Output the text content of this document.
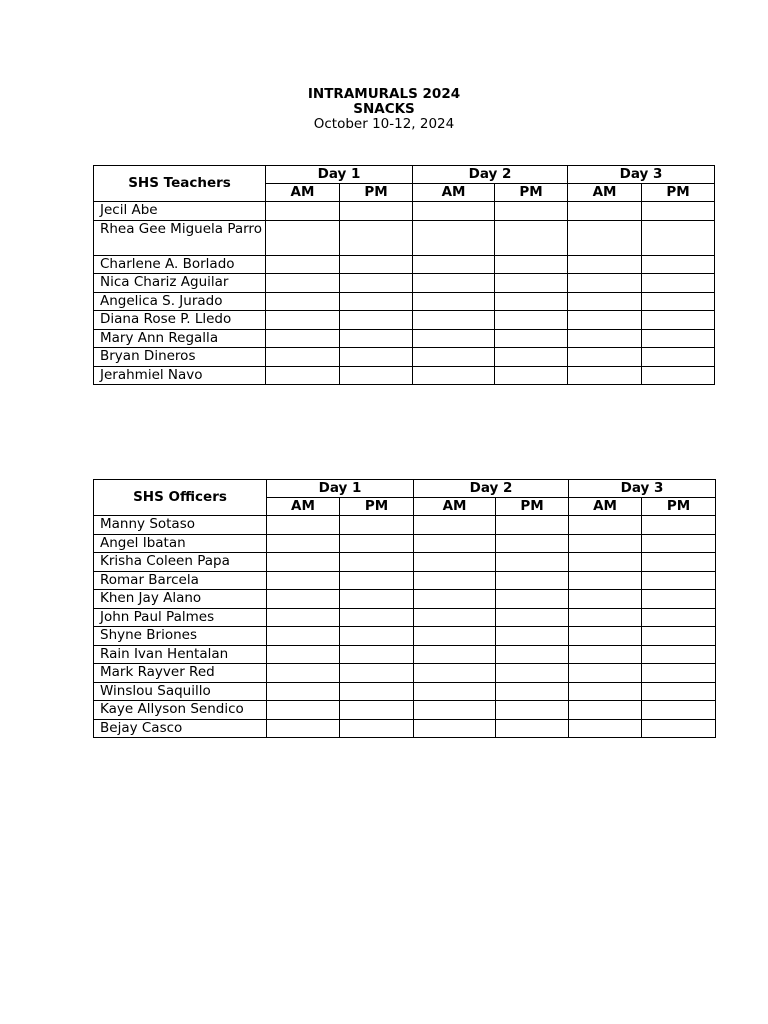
INTRAMURALS 2024
SNACKS
October 10-12, 2024
SHS Teachers	Day 1		Day 2		Day 3	
	AM	PM	AM	PM	AM	PM
Jecil Abe						
Rhea Gee Miguela Parro						
Charlene A. Borlado						
Nica Chariz Aguilar						
Angelica S. Jurado						
Diana Rose P. Lledo						
Mary Ann Regalla						
Bryan Dineros						
Jerahmiel Navo						
SHS Officers	Day 1		Day 2		Day 3	
	AM	PM	AM	PM	AM	PM
Manny Sotaso						
Angel Ibatan						
Krisha Coleen Papa						
Romar Barcela						
Khen Jay Alano						
John Paul Palmes						
Shyne Briones						
Rain Ivan Hentalan						
Mark Rayver Red						
Winslou Saquillo						
Kaye Allyson Sendico						
Bejay Casco						
